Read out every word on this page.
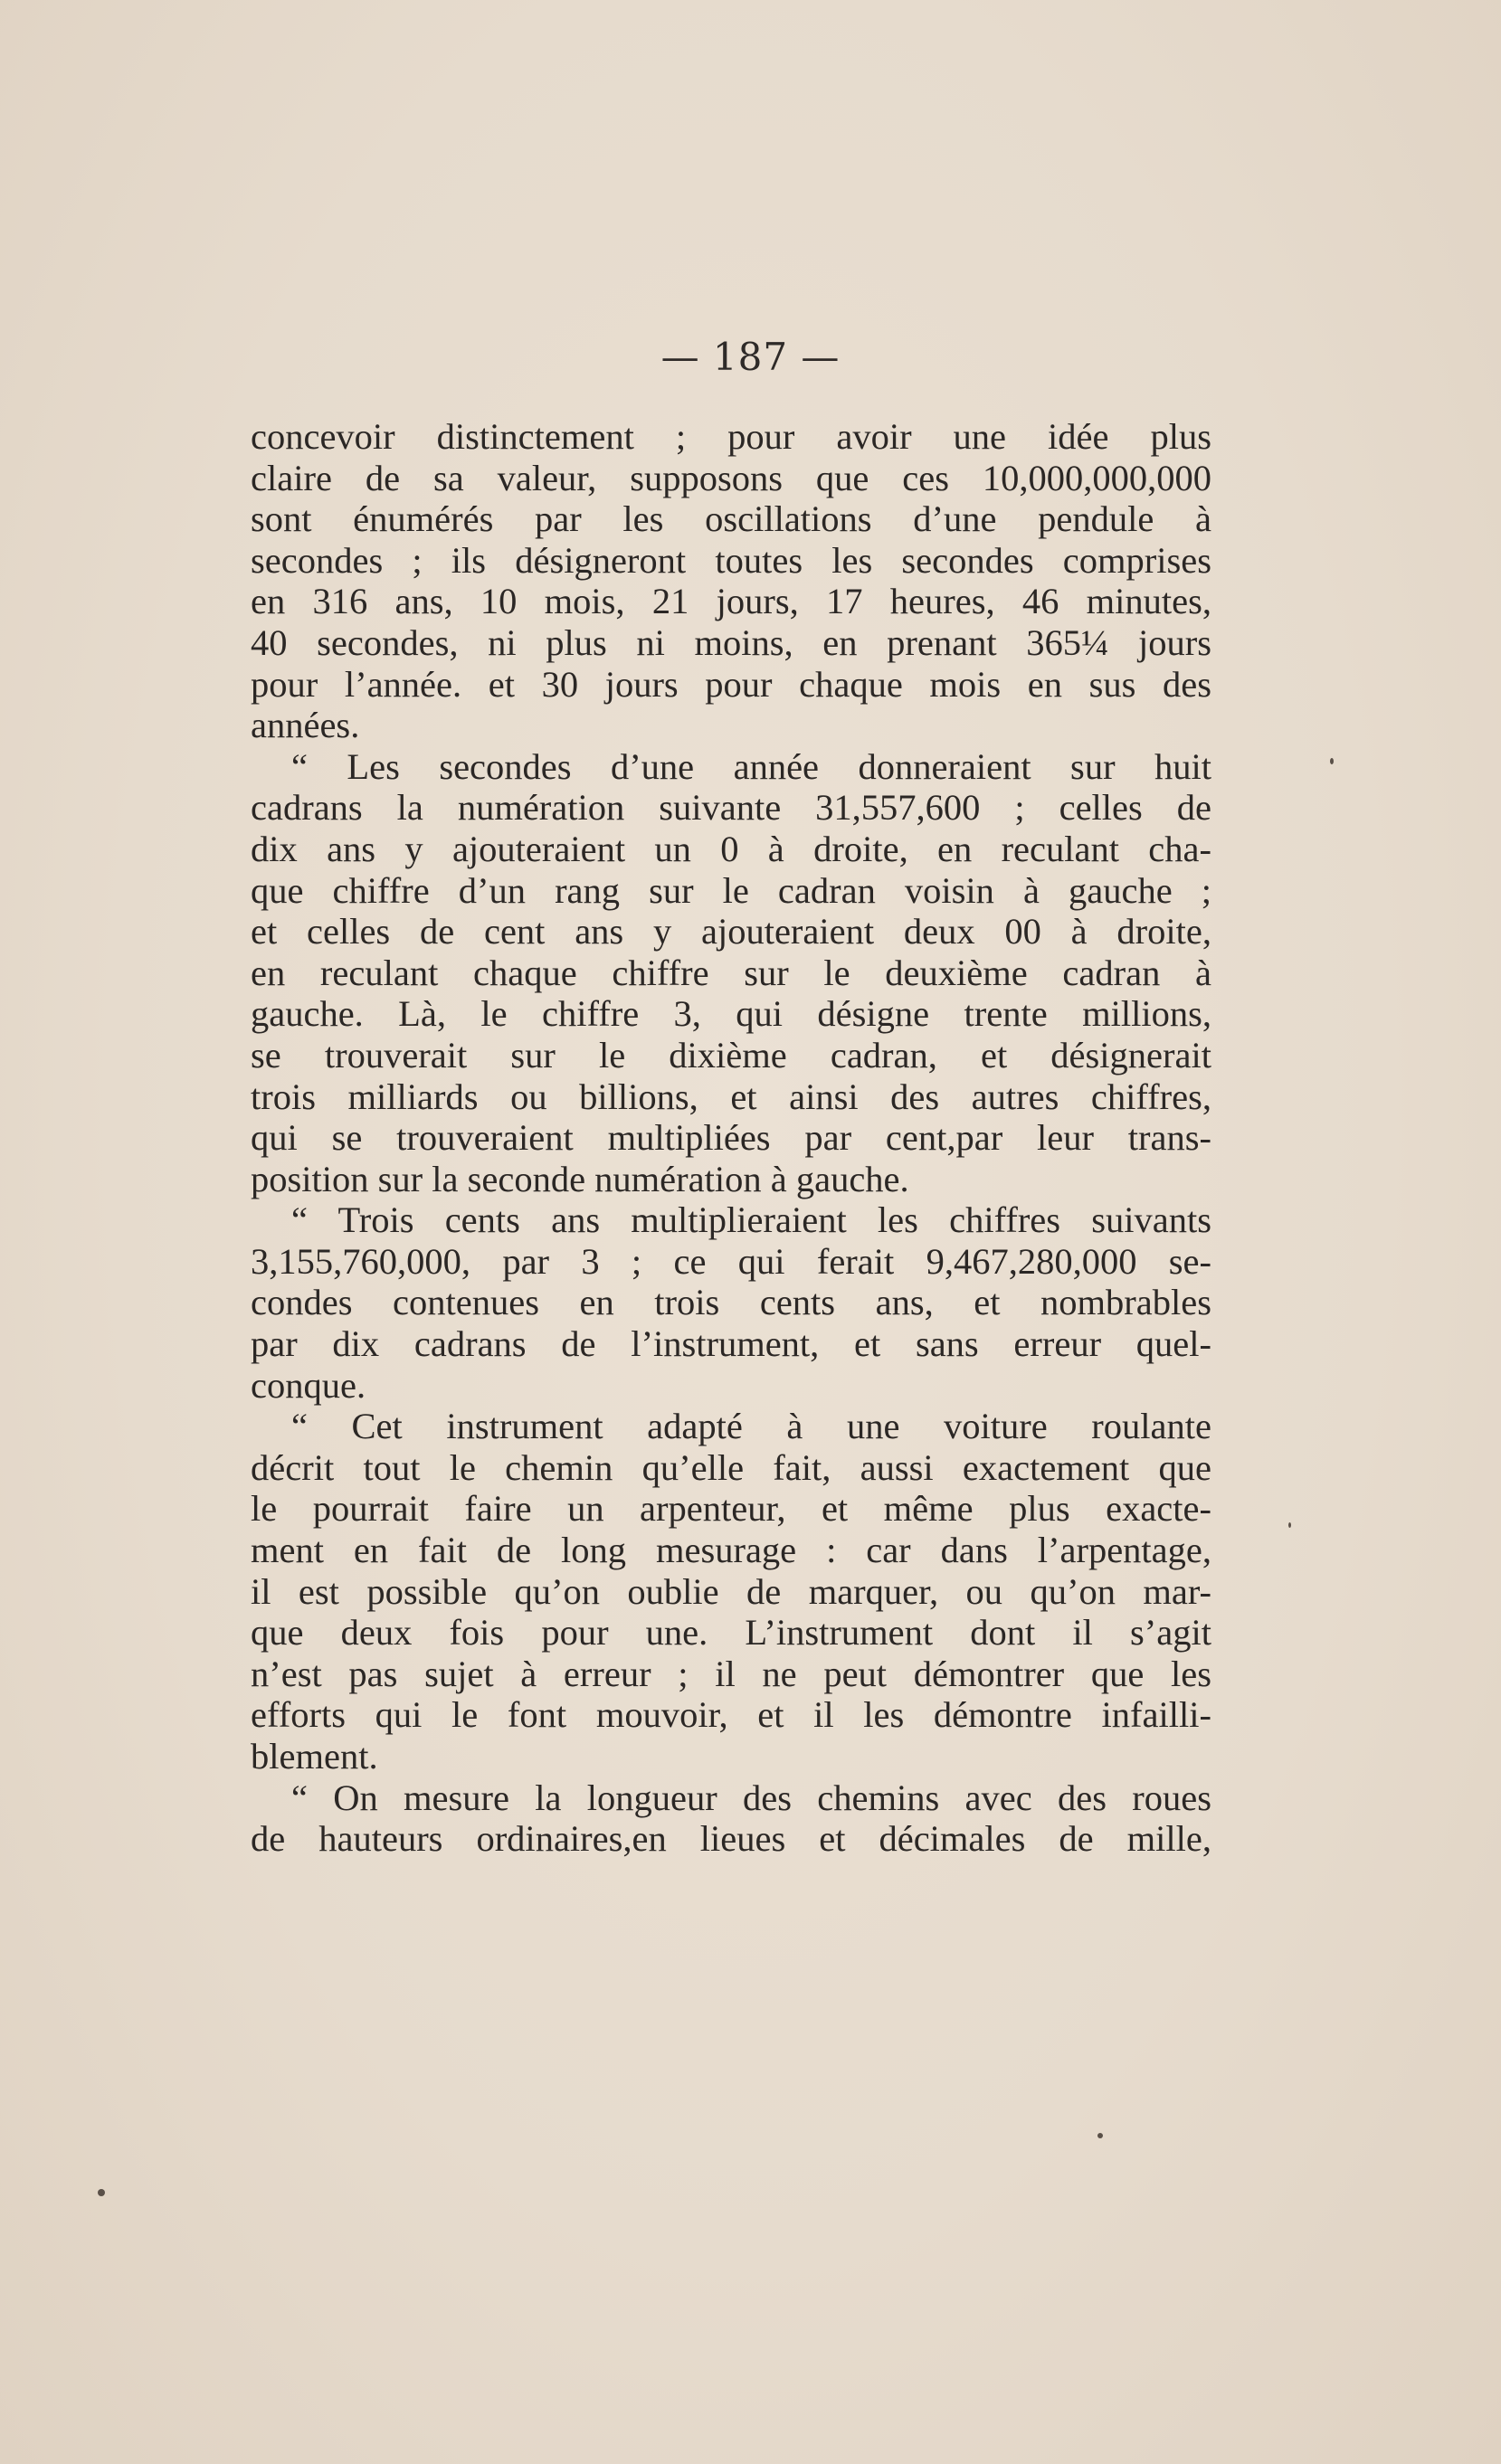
— 187 —
concevoir distinctement ; pour avoir une idée plus
claire de sa valeur, supposons que ces 10,000,000,000
sont énumérés par les oscillations d’une pendule à
secondes ; ils désigneront toutes les secondes comprises
en 316 ans, 10 mois, 21 jours, 17 heures, 46 minutes,
40 secondes, ni plus ni moins, en prenant 365¼ jours
pour l’année. et 30 jours pour chaque mois en sus des
années.
“ Les secondes d’une année donneraient sur huit
cadrans la numération suivante 31,557,600 ; celles de
dix ans y ajouteraient un 0 à droite, en reculant cha-
que chiffre d’un rang sur le cadran voisin à gauche ;
et celles de cent ans y ajouteraient deux 00 à droite,
en reculant chaque chiffre sur le deuxième cadran à
gauche. Là, le chiffre 3, qui désigne trente millions,
se trouverait sur le dixième cadran, et désignerait
trois milliards ou billions, et ainsi des autres chiffres,
qui se trouveraient multipliées par cent,par leur trans-
position sur la seconde numération à gauche.
“ Trois cents ans multiplieraient les chiffres suivants
3,155,760,000, par 3 ; ce qui ferait 9,467,280,000 se-
condes contenues en trois cents ans, et nombrables
par dix cadrans de l’instrument, et sans erreur quel-
conque.
“ Cet instrument adapté à une voiture roulante
décrit tout le chemin qu’elle fait, aussi exactement que
le pourrait faire un arpenteur, et même plus exacte-
ment en fait de long mesurage : car dans l’arpentage,
il est possible qu’on oublie de marquer, ou qu’on mar-
que deux fois pour une. L’instrument dont il s’agit
n’est pas sujet à erreur ; il ne peut démontrer que les
efforts qui le font mouvoir, et il les démontre infailli-
blement.
“ On mesure la longueur des chemins avec des roues
de hauteurs ordinaires,en lieues et décimales de mille,
